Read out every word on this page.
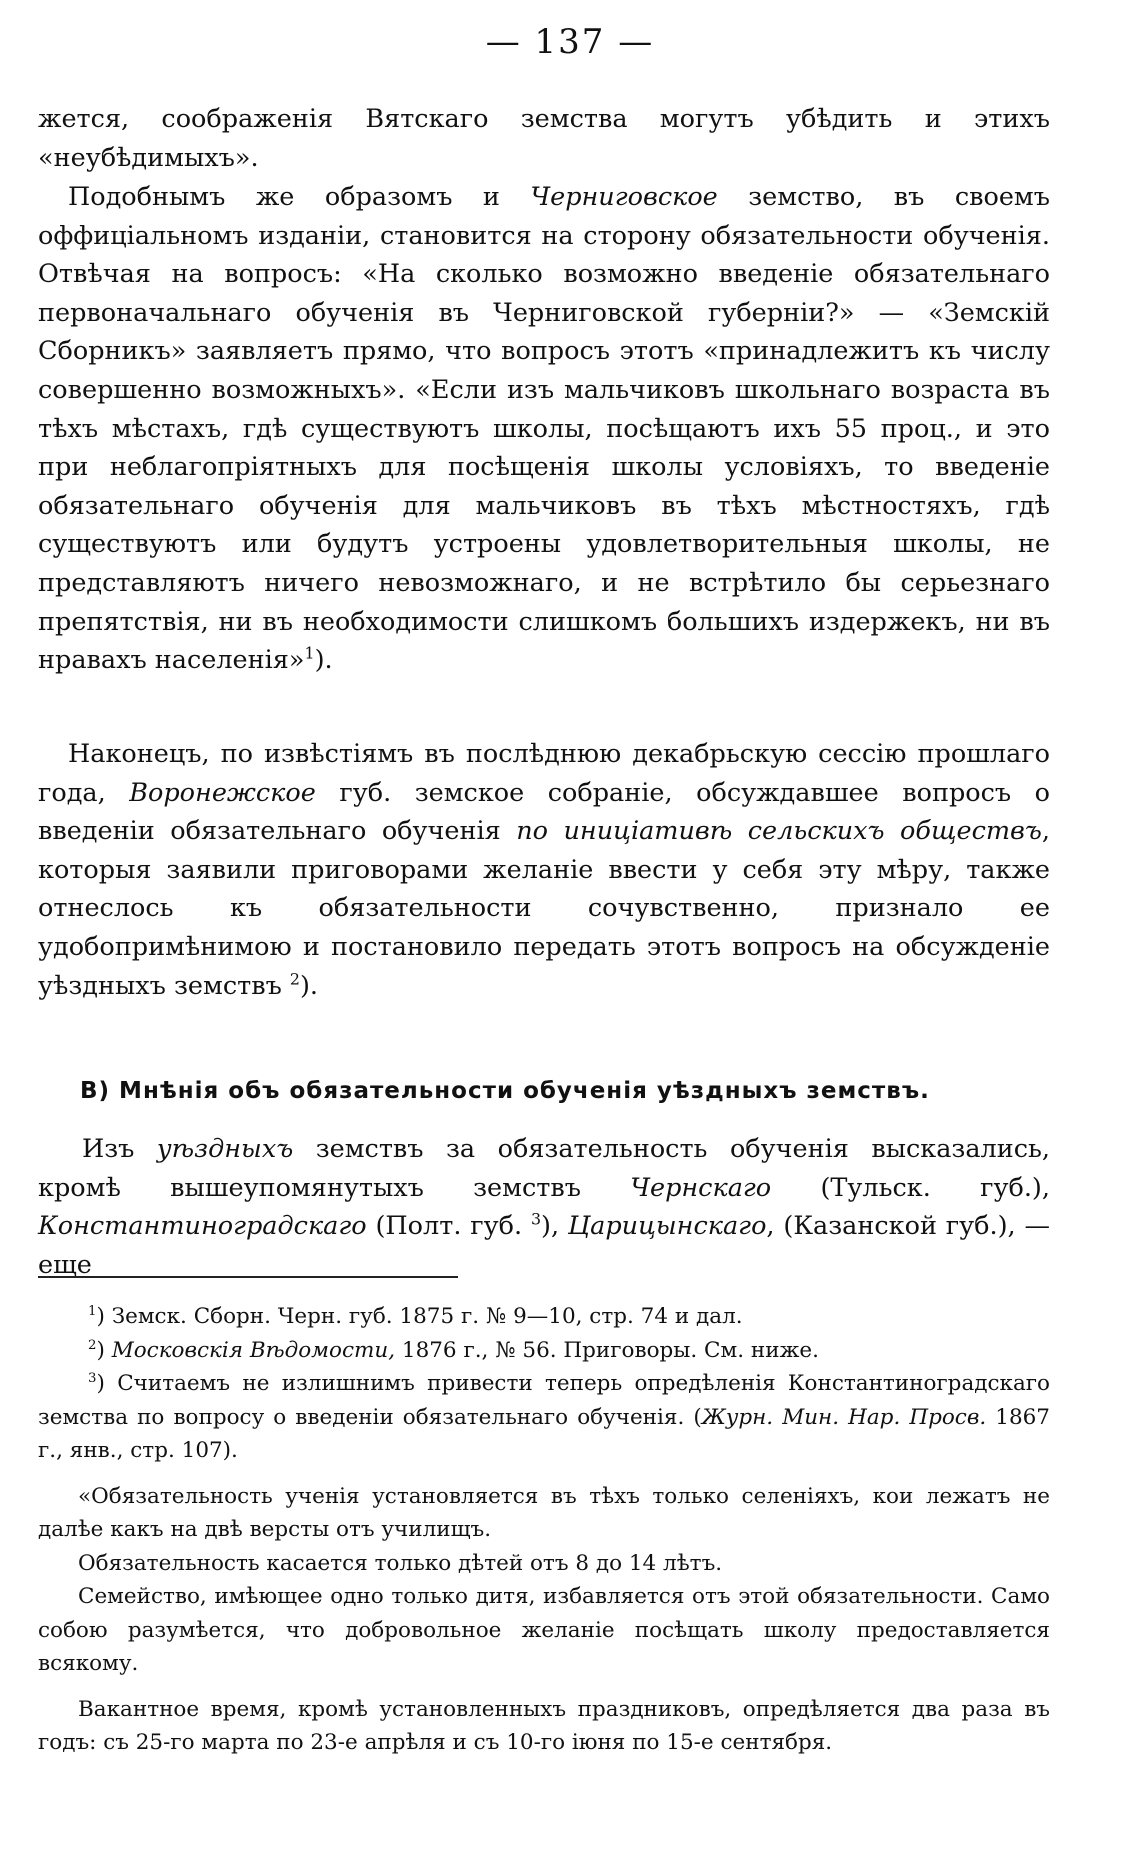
— 137 —

жется, соображенія Вятскаго земства могутъ убѣдить и этихъ «неубѣдимыхъ».

Подобнымъ же образомъ и Черниговское земство, въ своемъ оффиціальномъ изданіи, становится на сторону обязательности обученія. Отвѣчая на вопросъ: «На сколько возможно введеніе обязательнаго первоначальнаго обученія въ Черниговской губерніи?» — «Земскій Сборникъ» заявляетъ прямо, что вопросъ этотъ «принадлежитъ къ числу совершенно возможныхъ». «Если изъ мальчиковъ школьнаго возраста въ тѣхъ мѣстахъ, гдѣ существуютъ школы, посѣщаютъ ихъ 55 проц., и это при неблагопріятныхъ для посѣщенія школы условіяхъ, то введеніе обязательнаго обученія для мальчиковъ въ тѣхъ мѣстностяхъ, гдѣ существуютъ или будутъ устроены удовлетворительныя школы, не представляютъ ничего невозможнаго, и не встрѣтило бы серьезнаго препятствія, ни въ необходимости слишкомъ большихъ издержекъ, ни въ нравахъ населенія»$^1$).

Наконецъ, по извѣстіямъ въ послѣднюю декабрьскую сессію прошлаго года, Воронежское губ. земское собраніе, обсуждавшее вопросъ о введеніи обязательнаго обученія по иниціативѣ сельскихъ обществъ, которыя заявили приговорами желаніе ввести у себя эту мѣру, также отнеслось къ обязательности сочувственно, признало ее удобопримѣнимою и постановило передать этотъ вопросъ на обсужденіе уѣздныхъ земствъ $^2$).

В) Мнѣнія объ обязательности обученія уѣздныхъ земствъ.

Изъ уѣздныхъ земствъ за обязательность обученія высказались, кромѣ вышеупомянутыхъ земствъ Чернскаго (Тульск. губ.), Константиноградскаго (Полт. губ. $^3$), Царицынскаго, (Казанской губ.), — еще

$^1$) Земск. Сборн. Черн. губ. 1875 г. № 9—10, стр. 74 и дал.

$^2$) Московскія Вѣдомости, 1876 г., № 56. Приговоры. См. ниже.

$^3$) Считаемъ не излишнимъ привести теперь опредѣленія Константиноградскаго земства по вопросу о введеніи обязательнаго обученія. (Журн. Мин. Нар. Просв. 1867 г., янв., стр. 107).

«Обязательность ученія установляется въ тѣхъ только селеніяхъ, кои лежатъ не далѣе какъ на двѣ версты отъ училищъ.

Обязательность касается только дѣтей отъ 8 до 14 лѣтъ.

Семейство, имѣющее одно только дитя, избавляется отъ этой обязательности. Само собою разумѣется, что добровольное желаніе посѣщать школу предоставляется всякому.

Вакантное время, кромѣ установленныхъ праздниковъ, опредѣляется два раза въ годъ: съ 25-го марта по 23-е апрѣля и съ 10-го іюня по 15-е сентября.
